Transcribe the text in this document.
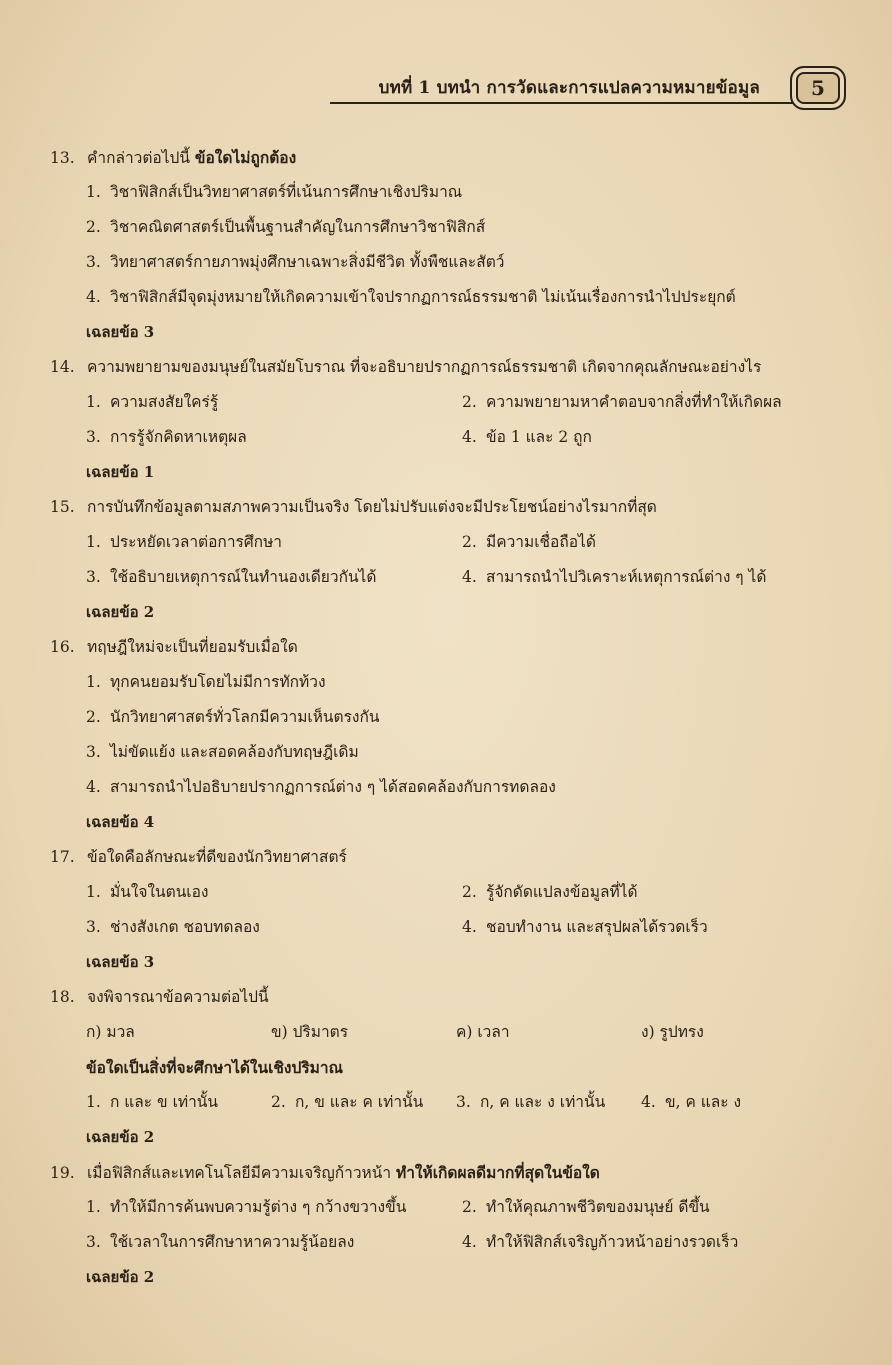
บทที่ 1 บทนำ การวัดและการแปลความหมายข้อมูล	5
13. คำกล่าวต่อไปนี้ ข้อใดไม่ถูกต้อง
1. วิชาฟิสิกส์เป็นวิทยาศาสตร์ที่เน้นการศึกษาเชิงปริมาณ
2. วิชาคณิตศาสตร์เป็นพื้นฐานสำคัญในการศึกษาวิชาฟิสิกส์
3. วิทยาศาสตร์กายภาพมุ่งศึกษาเฉพาะสิ่งมีชีวิต ทั้งพืชและสัตว์
4. วิชาฟิสิกส์มีจุดมุ่งหมายให้เกิดความเข้าใจปรากฏการณ์ธรรมชาติ ไม่เน้นเรื่องการนำไปประยุกต์
เฉลยข้อ 3
14. ความพยายามของมนุษย์ในสมัยโบราณ ที่จะอธิบายปรากฏการณ์ธรรมชาติ เกิดจากคุณลักษณะอย่างไร
1. ความสงสัยใคร่รู้	2. ความพยายามหาคำตอบจากสิ่งที่ทำให้เกิดผล
3. การรู้จักคิดหาเหตุผล	4. ข้อ 1 และ 2 ถูก
เฉลยข้อ 1
15. การบันทึกข้อมูลตามสภาพความเป็นจริง โดยไม่ปรับแต่งจะมีประโยชน์อย่างไรมากที่สุด
1. ประหยัดเวลาต่อการศึกษา	2. มีความเชื่อถือได้
3. ใช้อธิบายเหตุการณ์ในทำนองเดียวกันได้	4. สามารถนำไปวิเคราะห์เหตุการณ์ต่าง ๆ ได้
เฉลยข้อ 2
16. ทฤษฎีใหม่จะเป็นที่ยอมรับเมื่อใด
1. ทุกคนยอมรับโดยไม่มีการทักท้วง
2. นักวิทยาศาสตร์ทั่วโลกมีความเห็นตรงกัน
3. ไม่ขัดแย้ง และสอดคล้องกับทฤษฎีเดิม
4. สามารถนำไปอธิบายปรากฏการณ์ต่าง ๆ ได้สอดคล้องกับการทดลอง
เฉลยข้อ 4
17. ข้อใดคือลักษณะที่ดีของนักวิทยาศาสตร์
1. มั่นใจในตนเอง	2. รู้จักดัดแปลงข้อมูลที่ได้
3. ช่างสังเกต ชอบทดลอง	4. ชอบทำงาน และสรุปผลได้รวดเร็ว
เฉลยข้อ 3
18. จงพิจารณาข้อความต่อไปนี้
ก) มวล	ข) ปริมาตร	ค) เวลา	ง) รูปทรง
ข้อใดเป็นสิ่งที่จะศึกษาได้ในเชิงปริมาณ
1. ก และ ข เท่านั้น	2. ก, ข และ ค เท่านั้น	3. ก, ค และ ง เท่านั้น	4. ข, ค และ ง
เฉลยข้อ 2
19. เมื่อฟิสิกส์และเทคโนโลยีมีความเจริญก้าวหน้า ทำให้เกิดผลดีมากที่สุดในข้อใด
1. ทำให้มีการค้นพบความรู้ต่าง ๆ กว้างขวางขึ้น	2. ทำให้คุณภาพชีวิตของมนุษย์ ดีขึ้น
3. ใช้เวลาในการศึกษาหาความรู้น้อยลง	4. ทำให้ฟิสิกส์เจริญก้าวหน้าอย่างรวดเร็ว
เฉลยข้อ 2
